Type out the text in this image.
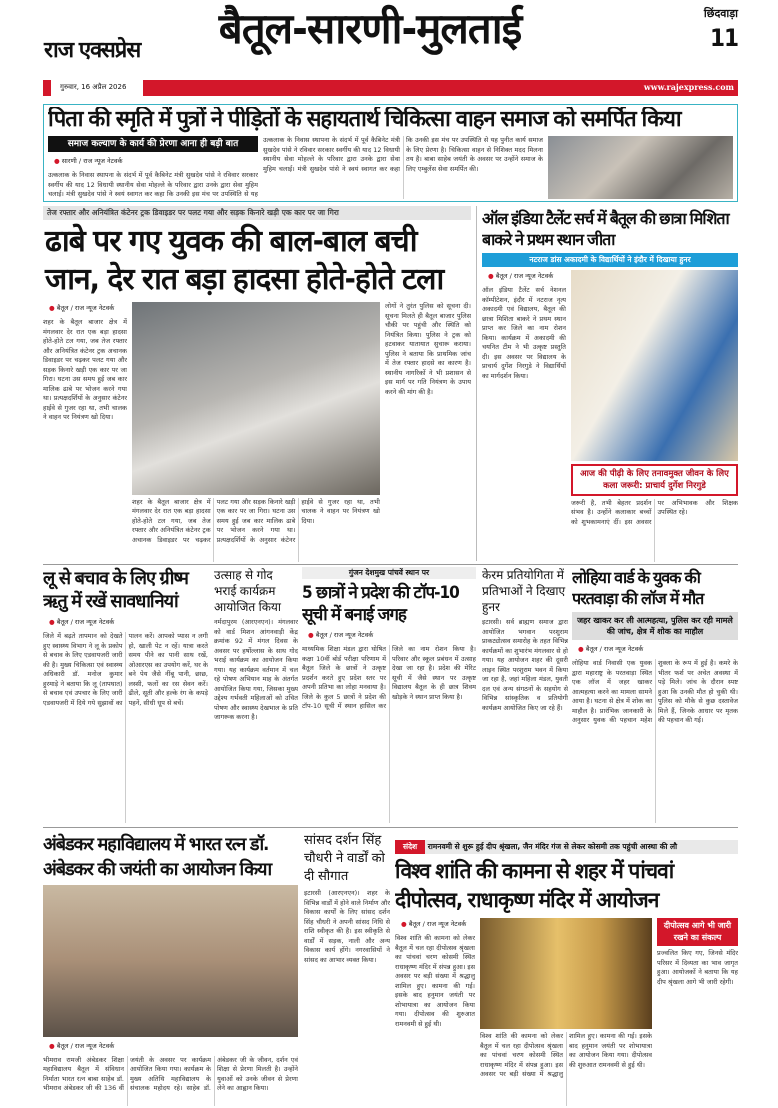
राज एक्सप्रेस
गुरुवार, 16 अप्रैल 2026
बैतूल-सारणी-मुलताई	छिंदवाड़ा
11
www.rajexpress.com
पिता की स्मृति में पुत्रों ने पीड़ितों के सहायतार्थ चिकित्सा वाहन समाज को समर्पित किया
समाज कल्याण के कार्य की प्रेरणा आना ही बड़ी बात
● सारणी / राज न्यूज नेटवर्क
उत्कलाक के निवास स्थापना के संदर्भ में पूर्व कैबिनेट मंत्री सुखदेव पांसे ने रविवार सरकार स्वर्गीय की याद 12 विधायी स्थानीय सेवा मोहल्ले के परिवार द्वारा उनके द्वारा सेवा मुहिम चलाई। मंत्री सुखदेव पांसे ने स्वयं स्वागत कर कहा कि उनकी इस मंच पर उपस्थिति से यह
उत्कलाक के निवास स्थापना के संदर्भ में पूर्व कैबिनेट मंत्री सुखदेव पांसे ने रविवार सरकार स्वर्गीय की याद 12 विधायी स्थानीय सेवा मोहल्ले के परिवार द्वारा उनके द्वारा सेवा मुहिम चलाई। मंत्री सुखदेव पांसे ने स्वयं स्वागत कर कहा कि उनकी इस मंच पर उपस्थिति से यह पुनीत कार्य समाज के लिए प्रेरणा है। चिकित्सा वाहन से निशिक्त मदद मिलना तय है। बाबा साहेब जयंती के अवसर पर उन्होंने समाज के लिए एम्बुलेंस सेवा समर्पित की।
तेज रफ्तार और अनियंत्रित कंटेनर ट्रक डिवाइडर पर पलट गया और सड़क किनारे खड़ी एक कार पर जा गिरा
ढाबे पर गए युवक की बाल-बाल बची जान, देर रात बड़ा हादसा होते-होते टला
● बैतूल / राज न्यूज नेटवर्क
शहर के बैतूल बाजार क्षेत्र में मंगलवार देर रात एक बड़ा हादसा होते-होते टल गया, जब तेज रफ्तार और अनियंत्रित कंटेनर ट्रक अचानक डिवाइडर पर चढ़कर पलट गया और सड़क किनारे खड़ी एक कार पर जा गिरा। घटना उस समय हुई जब कार मालिक ढाबे पर भोजन करने गया था। प्रत्यक्षदर्शियों के अनुसार कंटेनर हाईवे से गुजर रहा था, तभी चालक ने वाहन पर नियंत्रण खो दिया।
शहर के बैतूल बाजार क्षेत्र में मंगलवार देर रात एक बड़ा हादसा होते-होते टल गया, जब तेज रफ्तार और अनियंत्रित कंटेनर ट्रक अचानक डिवाइडर पर चढ़कर पलट गया और सड़क किनारे खड़ी एक कार पर जा गिरा। घटना उस समय हुई जब कार मालिक ढाबे पर भोजन करने गया था। प्रत्यक्षदर्शियों के अनुसार कंटेनर हाईवे से गुजर रहा था, तभी चालक ने वाहन पर नियंत्रण खो दिया।
लोगों ने तुरंत पुलिस को सूचना दी। सूचना मिलते ही बैतूल बाजार पुलिस चौकी पर पहुंची और स्थिति को नियंत्रित किया। पुलिस ने ट्रक को हटवाकर यातायात सुचारू कराया। पुलिस ने बताया कि प्राथमिक जांच में तेज रफ्तार हादसे का कारण है। स्थानीय नागरिकों ने भी प्रशासन से इस मार्ग पर गति नियंत्रण के उपाय करने की मांग की है।
ऑल इंडिया टैलेंट सर्च में बैतूल की छात्रा मिशिता बाकरे ने प्रथम स्थान जीता
नटराज डांस अकादमी के विद्यार्थियों ने इंदौर में दिखाया हुनर
● बैतूल / राज न्यूज नेटवर्क
ऑल इंडिया टैलेंट सर्च नेशनल कॉम्पीटेशन, इंदौर में नटराज नृत्य अकादमी एवं विद्यालय, बैतूल की छात्रा मिशिता बाकरे ने प्रथम स्थान प्राप्त कर जिले का नाम रोशन किया। कार्यक्रम में अकादमी की चयनित टीम ने भी उत्कृष्ट प्रस्तुति दी। इस अवसर पर विद्यालय के प्राचार्य दुर्गेश निरगुडे ने विद्यार्थियों का मार्गदर्शन किया।
आज की पीढ़ी के लिए तनावमुक्त जीवन के लिए कला जरूरी: प्राचार्य दुर्गेश निरगुडे
जरूरी है, तभी बेहतर प्रदर्शन संभव है। उन्होंने कलाकार बच्चों को शुभकामनाएं दीं। इस अवसर पर अभिभावक और शिक्षक उपस्थित रहे।
लू से बचाव के लिए ग्रीष्म ऋतु में रखें सावधानियां
● बैतूल / राज न्यूज नेटवर्क
जिले में बढ़ते तापमान को देखते हुए स्वास्थ्य विभाग ने लू के प्रकोप से बचाव के लिए एडवायजरी जारी की है। मुख्य चिकित्सा एवं स्वास्थ्य अधिकारी डॉ. मनोज कुमार हुरमाड़े ने बताया कि लू (तापघात) से बचाव एवं उपचार के लिए जारी एडवायजरी में दिये गये सुझावों का पालन करें। आपको प्यास न लगी हो, खाली पेट न रहें। यात्रा करते समय पीने का पानी साथ रखें, ओआरएस का उपयोग करें, घर के बने पेय जैसे नींबू पानी, छाछ, लस्सी, फलों का रस सेवन करें। ढीले, सूती और हल्के रंग के कपड़े पहनें, सीधी धूप से बचें।
उत्साह से गोद भराई कार्यक्रम आयोजित किया
नर्मदापुरम (आरएनएन)। मंगलवार को वार्ड मिशन आंगनवाड़ी केंद्र क्रमांक 92 में मंगल दिवस के अवसर पर हर्षोल्लास के साथ गोद भराई कार्यक्रम का आयोजन किया गया। यह कार्यक्रम वर्तमान में चल रहे पोषण अभियान माह के अंतर्गत आयोजित किया गया, जिसका मुख्य उद्देश्य गर्भवती महिलाओं को उचित पोषण और स्वास्थ्य देखभाल के प्रति जागरूक करना है।
गुंजन देशमुख पांचवें स्थान पर
5 छात्रों ने प्रदेश की टॉप-10 सूची में बनाई जगह
● बैतूल / राज न्यूज नेटवर्क
माध्यमिक शिक्षा मंडल द्वारा घोषित कक्षा 10वीं बोर्ड परीक्षा परिणाम में बैतूल जिले के छात्रों ने उत्कृष्ट प्रदर्शन करते हुए प्रदेश स्तर पर अपनी प्रतिभा का लोहा मनवाया है। जिले के कुल 5 छात्रों ने प्रदेश की टॉप-10 सूची में स्थान हासिल कर जिले का नाम रोशन किया है। परिवार और स्कूल प्रबंधन में उत्साह देखा जा रहा है। प्रदेश की मेरिट सूची में जैसे स्थान पर उत्कृष्ट विद्यालय बैतूल के ही छात्र शिवम खोड़के ने स्थान प्राप्त किया है।
केरम प्रतियोगिता में प्रतिभाओं ने दिखाए हुनर
इटारसी। सर्व ब्राह्मण समाज द्वारा आयोजित भगवान परशुराम प्राकट्योत्सव समारोह के तहत विभिन्न कार्यक्रमों का शुभारंभ मंगलवार से हो गया। यह आयोजन शहर की दूसरी लाइन स्थित परशुराम भवन में किया जा रहा है, जहां महिला मंडल, युवती दल एवं अन्य संगठनों के सहयोग से विभिन्न सांस्कृतिक व प्रतियोगी कार्यक्रम आयोजित किए जा रहे हैं।
लोहिया वार्ड के युवक की परतवाड़ा की लॉज में मौत
जहर खाकर कर ली आत्महत्या, पुलिस कर रही मामले की जांच, क्षेत्र में शोक का माहौल
● बैतूल / राज न्यूज नेटवर्क
लोहिया वार्ड निवासी एक युवक द्वारा महाराष्ट्र के परतवाड़ा स्थित एक लॉज में जहर खाकर आत्महत्या करने का मामला सामने आया है। घटना से क्षेत्र में शोक का माहौल है। प्रारंभिक जानकारी के अनुसार युवक की पहचान महेश शुक्ला के रूप में हुई है। कमरे के भीतर फर्श पर अचेत अवस्था में पड़े मिले। जांच के दौरान स्पष्ट हुआ कि उनकी मौत हो चुकी थी। पुलिस को मौके से कुछ दस्तावेज मिले हैं, जिनके आधार पर मृतक की पहचान की गई।
अंबेडकर महाविद्यालय में भारत रत्न डॉ. अंबेडकर की जयंती का आयोजन किया
● बैतूल / राज न्यूज नेटवर्क
भीमराव रामजी अंबेडकर शिक्षा महाविद्यालय बैतूल में संविधान निर्माता भारत रत्न बाबा साहेब डॉ. भीमराव अंबेडकर जी की 136 वीं जयंती के अवसर पर कार्यक्रम आयोजित किया गया। कार्यक्रम के मुख्य अतिथि महाविद्यालय के संचालक महोदय रहे। साहेब डॉ. अंबेडकर जी के जीवन, दर्शन एवं शिक्षा से प्रेरणा मिलती है। उन्होंने युवाओं को उनके जीवन से प्रेरणा लेने का आह्वान किया।
सांसद दर्शन सिंह चौधरी ने वार्डों को दी सौगात
इटारसी (आरएनएन)। शहर के विभिन्न वार्डों में होने वाले निर्माण और विकास कार्यों के लिए सांसद दर्शन सिंह चौधरी ने अपनी सांसद निधि से राशि स्वीकृत की है। इस स्वीकृति से वार्डों में सड़क, नाली और अन्य विकास कार्य होंगे। नगरवासियों ने सांसद का आभार व्यक्त किया।
संदेश रामनवमी से शुरू हुई दीप श्रृंखला, जैन मंदिर गंज से लेकर कोसमी तक पहुंची आस्था की लौ
विश्व शांति की कामना से शहर में पांचवां दीपोत्सव, राधाकृष्ण मंदिर में आयोजन
● बैतूल / राज न्यूज नेटवर्क
विश्व शांति की कामना को लेकर बैतूल में चल रहा दीपोत्सव श्रृंखला का पांचवां चरण कोसमी स्थित राधाकृष्ण मंदिर में संपन्न हुआ। इस अवसर पर बड़ी संख्या में श्रद्धालु शामिल हुए। कामना की गई। इसके बाद हनुमान जयंती पर शोभायात्रा का आयोजन किया गया। दीपोत्सव की शुरुआत रामनवमी से हुई थी।
विश्व शांति की कामना को लेकर बैतूल में चल रहा दीपोत्सव श्रृंखला का पांचवां चरण कोसमी स्थित राधाकृष्ण मंदिर में संपन्न हुआ। इस अवसर पर बड़ी संख्या में श्रद्धालु शामिल हुए। कामना की गई। इसके बाद हनुमान जयंती पर शोभायात्रा का आयोजन किया गया। दीपोत्सव की शुरुआत रामनवमी से हुई थी।
दीपोत्सव आगे भी जारी रखने का संकल्प
प्रज्वलित किए गए, जिनसे मंदिर परिसर में दिव्यता का भाव जागृत हुआ। आयोजकों ने बताया कि यह दीप श्रृंखला आगे भी जारी रहेगी।
